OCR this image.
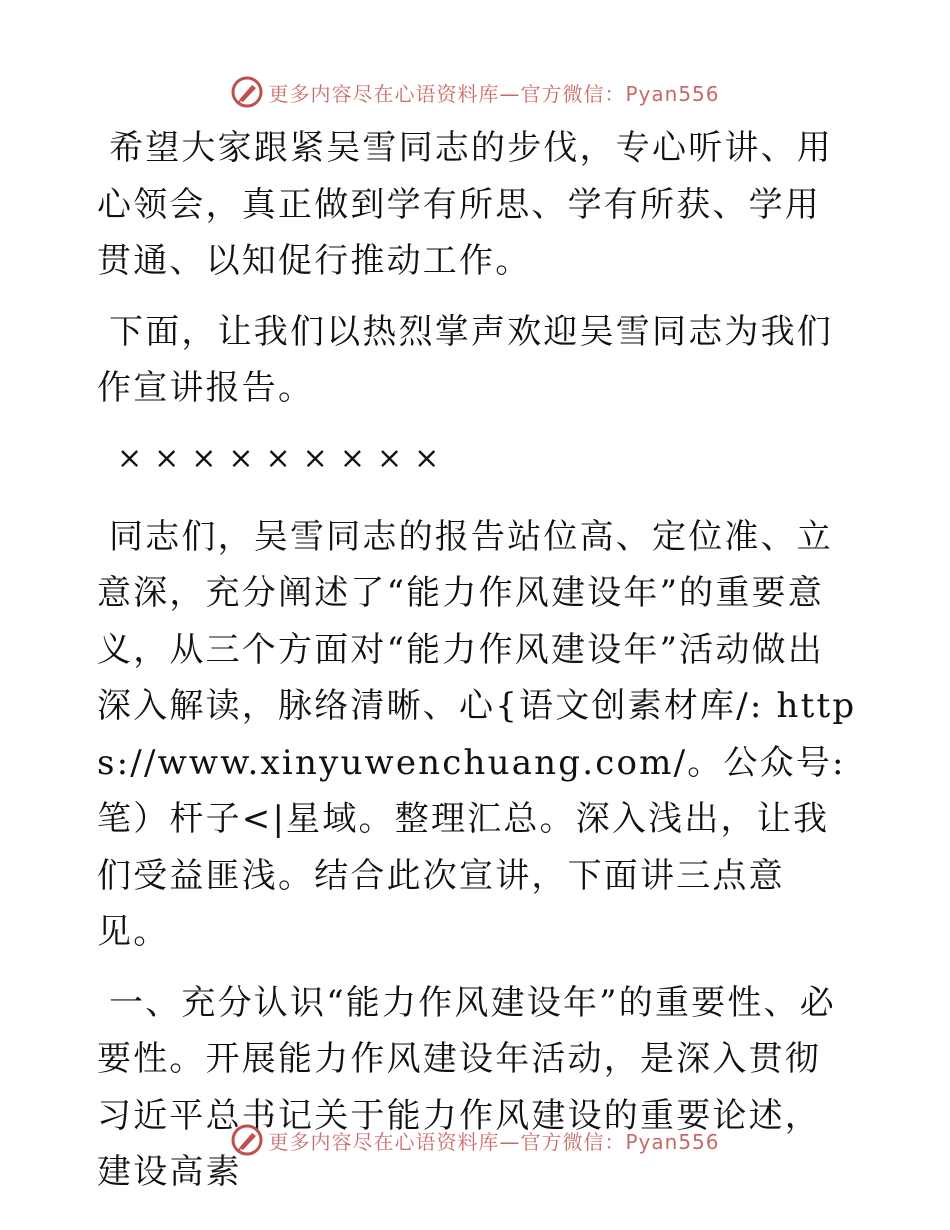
更多内容尽在心语资料库—官方微信：Pyan556

希望大家跟紧吴雪同志的步伐，专心听讲、用心领会，真正做到学有所思、学有所获、学用贯通、以知促行推动工作。

下面，让我们以热烈掌声欢迎吴雪同志为我们作宣讲报告。

×××××××××

同志们，吴雪同志的报告站位高、定位准、立意深，充分阐述了“能力作风建设年”的重要意义，从三个方面对“能力作风建设年”活动做出深入解读，脉络清晰、心{语文创素材库/: https://www.xinyuwenchuang.com/。公众号: 笔）杆子<|星域。整理汇总。深入浅出，让我们受益匪浅。结合此次宣讲，下面讲三点意见。

一、充分认识“能力作风建设年”的重要性、必要性。开展能力作风建设年活动，是深入贯彻习近平总书记关于能力作风建设的重要论述，建设高素

更多内容尽在心语资料库—官方微信：Pyan556
